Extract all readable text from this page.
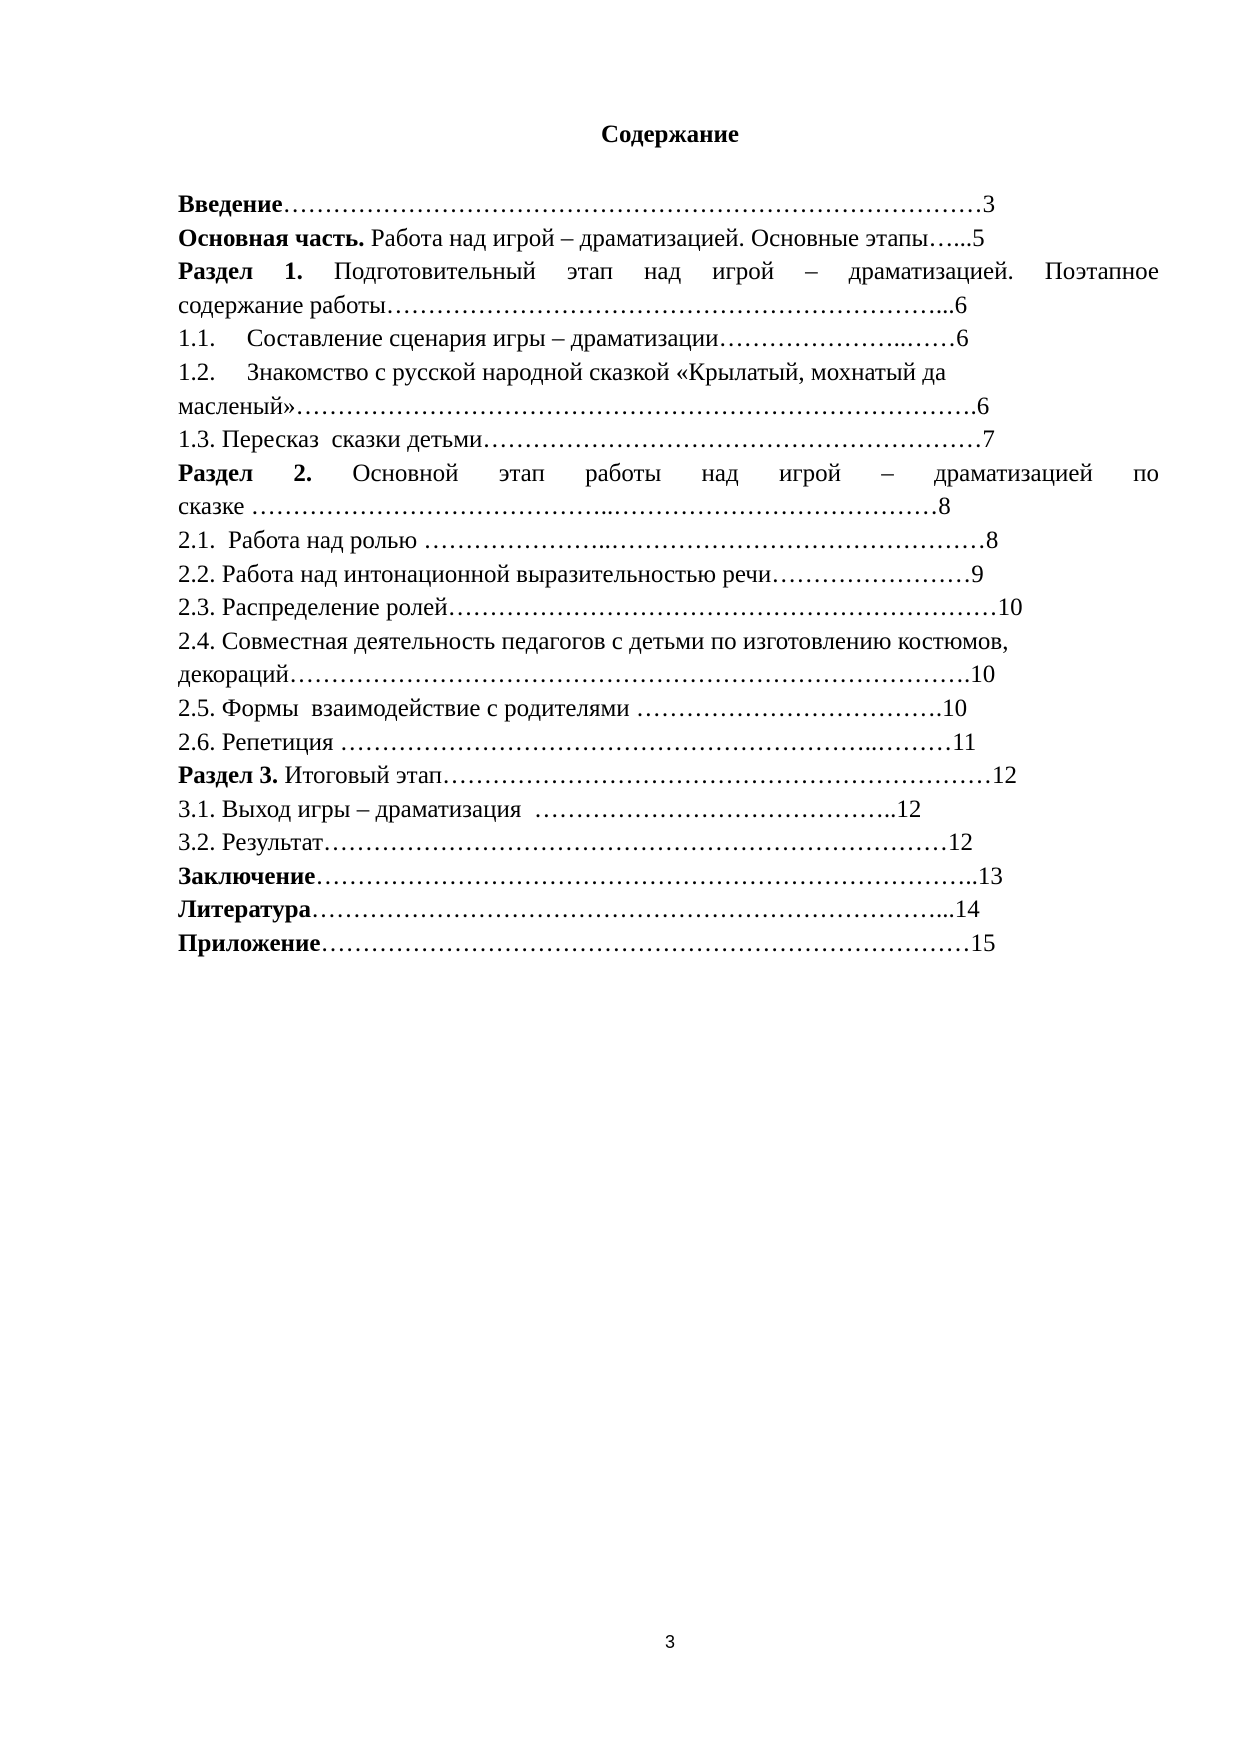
Содержание
Введение…………………………………………………………………………3
Основная часть. Работа над игрой – драматизацией. Основные этапы…...5
Раздел 1. Подготовительный этап над игрой – драматизацией. Поэтапное
содержание работы…………………………………………………………...6
1.1. Составление сценария игры – драматизации…………………..……6
1.2. Знакомство с русской народной сказкой «Крылатый, мохнатый да
масленый»……………………………………………………………………….6
1.3. Пересказ  сказки детьми……………………………………………………7
Раздел 2. Основной этап работы над игрой – драматизацией по
сказке ……………………………………..…………………………………8
2.1.  Работа над ролью …………………..………………………………………8
2.2. Работа над интонационной выразительностью речи……………………9
2.3. Распределение ролей…………………………………………………………10
2.4. Совместная деятельность педагогов с детьми по изготовлению костюмов,
декораций……………………………………………………………………….10
2.5. Формы  взаимодействие с родителями ……………………………….10
2.6. Репетиция ………………………………………………………..………11
Раздел 3. Итоговый этап…………………………………………………………12
3.1. Выход игры – драматизация  ……………………………………..12
3.2. Результат…………………………………………………………………12
Заключение……………………………………………………………………..13
Литература…………………………………………………………………...14
Приложение……………………………………………………………………15
3
